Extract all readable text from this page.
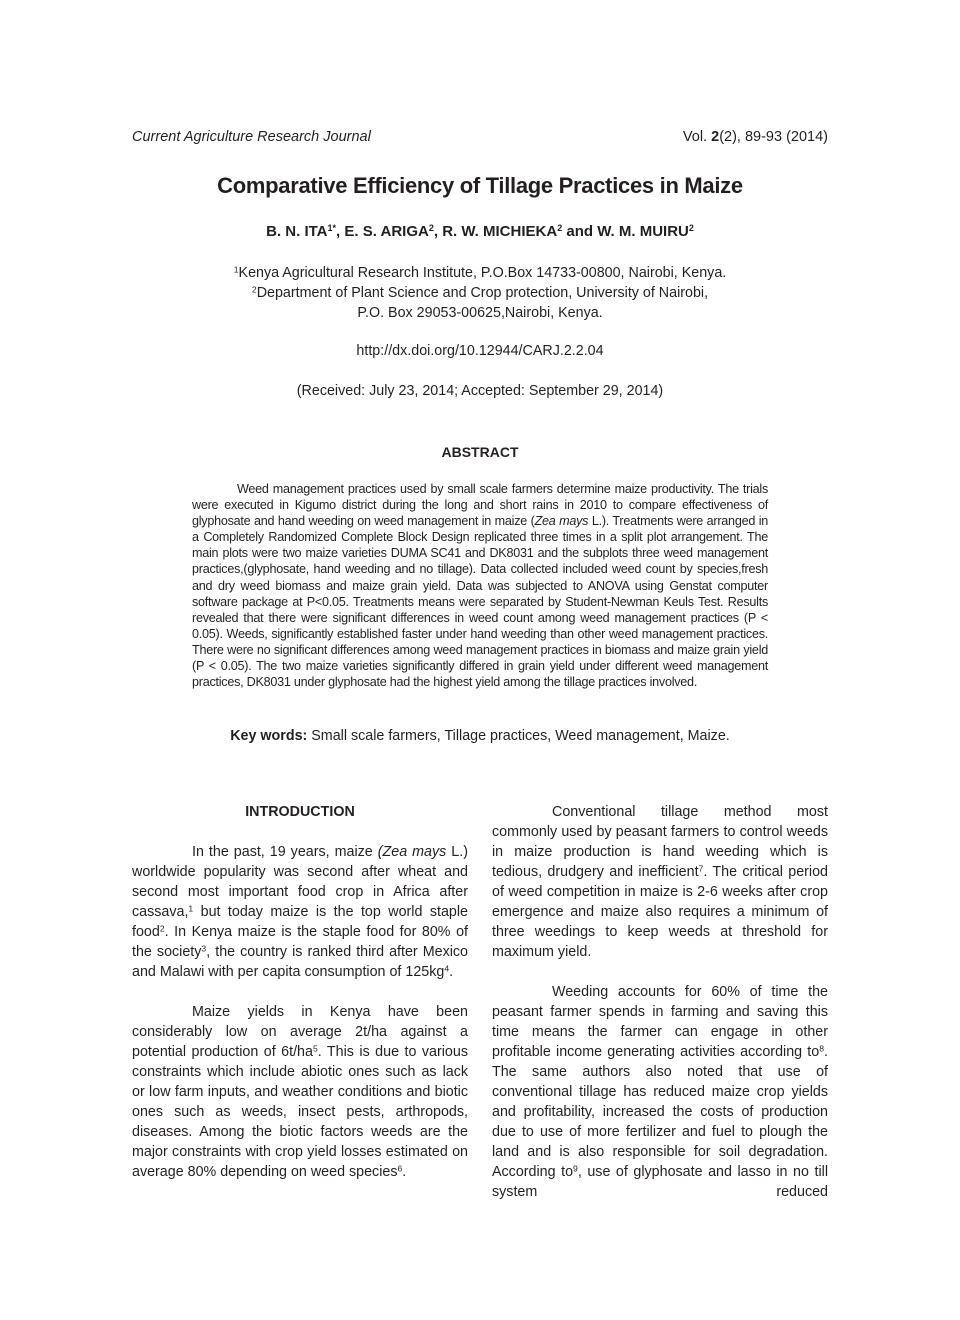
Current Agriculture Research Journal	Vol. 2(2), 89-93 (2014)
Comparative Efficiency of Tillage Practices in Maize
B. N. $ITA^{1*}$, E. S. ARIGA$^2$, R. W. MICHIEKA$^2$ and W. M. MUIRU$^2$
$^1$Kenya Agricultural Research Institute, P.O.Box 14733-00800, Nairobi, Kenya.
$^2$Department of Plant Science and Crop protection, University of Nairobi,
P.O. Box 29053-00625,Nairobi, Kenya.
http://dx.doi.org/10.12944/CARJ.2.2.04
(Received: July 23, 2014; Accepted: September 29, 2014)
ABSTRACT

Weed management practices used by small scale farmers determine maize productivity. The trials were executed in Kigumo district during the long and short rains in 2010 to compare effectiveness of glyphosate and hand weeding on weed management in maize (Zea mays L.). Treatments were arranged in a Completely Randomized Complete Block Design replicated three times in a split plot arrangement. The main plots were two maize varieties DUMA SC41 and DK8031 and the subplots three weed management practices,(glyphosate, hand weeding and no tillage). Data collected included weed count by species,fresh and dry weed biomass and maize grain yield. Data was subjected to ANOVA using Genstat computer software package at P<0.05. Treatments means were separated by Student-Newman Keuls Test. Results revealed that there were significant differences in weed count among weed management practices (P < 0.05). Weeds, significantly established faster under hand weeding than other weed management practices. There were no significant differences among weed management practices in biomass and maize grain yield (P < 0.05). The two maize varieties significantly differed in grain yield under different weed management practices, DK8031 under glyphosate had the highest yield among the tillage practices involved.

Key words: Small scale farmers, Tillage practices, Weed management, Maize.
INTRODUCTION

In the past, 19 years, maize (Zea mays L.) worldwide popularity was second after wheat and second most important food crop in Africa after cassava,$^1$ but today maize is the top world staple food$^2$. In Kenya maize is the staple food for 80% of the society$^3$, the country is ranked third after Mexico and Malawi with per capita consumption of $125kg^4$.

Maize yields in Kenya have been considerably low on average 2t/ha against a potential production of $6t/ha^5$. This is due to various constraints which include abiotic ones such as lack or low farm inputs, and weather conditions and biotic ones such as weeds, insect pests, arthropods, diseases. Among the biotic factors weeds are the major constraints with crop yield losses estimated on average 80% depending on weed species$^6$.

Conventional tillage method most commonly used by peasant farmers to control weeds in maize production is hand weeding which is tedious, drudgery and inefficient$^7$. The critical period of weed competition in maize is 2-6 weeks after crop emergence and maize also requires a minimum of three weedings to keep weeds at threshold for maximum yield.

Weeding accounts for 60% of time the peasant farmer spends in farming and saving this time means the farmer can engage in other profitable income generating activities according $to^8$. The same authors also noted that use of conventional tillage has reduced maize crop yields and profitability, increased the costs of production due to use of more fertilizer and fuel to plough the land and is also responsible for soil degradation. According $to^9$, use of glyphosate and lasso in no till system reduced
